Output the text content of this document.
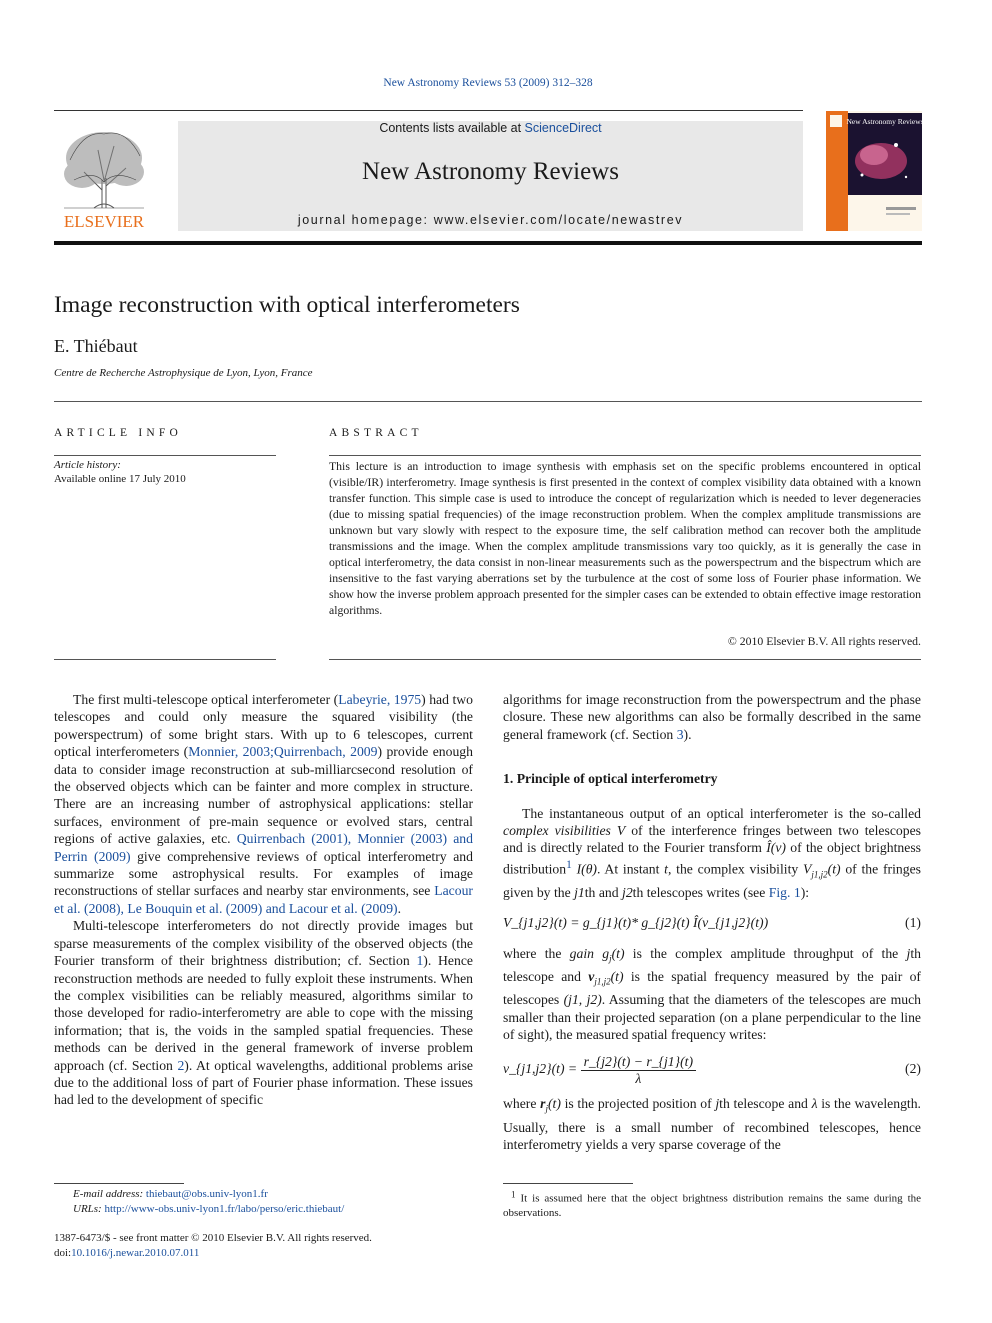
New Astronomy Reviews 53 (2009) 312–328
ELSEVIER
Contents lists available at ScienceDirect
New Astronomy Reviews
journal homepage: www.elsevier.com/locate/newastrev
New Astronomy Reviews
Image reconstruction with optical interferometers
E. Thiébaut
Centre de Recherche Astrophysique de Lyon, Lyon, France
ARTICLE INFO
Article history:
Available online 17 July 2010
ABSTRACT
This lecture is an introduction to image synthesis with emphasis set on the specific problems encountered in optical (visible/IR) interferometry. Image synthesis is first presented in the context of complex visibility data obtained with a known transfer function. This simple case is used to introduce the concept of regularization which is needed to lever degeneracies (due to missing spatial frequencies) of the image reconstruction problem. When the complex amplitude transmissions are unknown but vary slowly with respect to the exposure time, the self calibration method can recover both the amplitude transmissions and the image. When the complex amplitude transmissions vary too quickly, as it is generally the case in optical interferometry, the data consist in non-linear measurements such as the powerspectrum and the bispectrum which are insensitive to the fast varying aberrations set by the turbulence at the cost of some loss of Fourier phase information. We show how the inverse problem approach presented for the simpler cases can be extended to obtain effective image restoration algorithms.
© 2010 Elsevier B.V. All rights reserved.

The first multi-telescope optical interferometer (Labeyrie, 1975) had two telescopes and could only measure the squared visibility (the powerspectrum) of some bright stars. With up to 6 telescopes, current optical interferometers (Monnier, 2003;Quirrenbach, 2009) provide enough data to consider image reconstruction at sub-milliarcsecond resolution of the observed objects which can be fainter and more complex in structure. There are an increasing number of astrophysical applications: stellar surfaces, environment of pre-main sequence or evolved stars, central regions of active galaxies, etc. Quirrenbach (2001), Monnier (2003) and Perrin (2009) give comprehensive reviews of optical interferometry and summarize some astrophysical results. For examples of image reconstructions of stellar surfaces and nearby star environments, see Lacour et al. (2008), Le Bouquin et al. (2009) and Lacour et al. (2009).

Multi-telescope interferometers do not directly provide images but sparse measurements of the complex visibility of the observed objects (the Fourier transform of their brightness distribution; cf. Section 1). Hence reconstruction methods are needed to fully exploit these instruments. When the complex visibilities can be reliably measured, algorithms similar to those developed for radio-interferometry are able to cope with the missing information; that is, the voids in the sampled spatial frequencies. These methods can be derived in the general framework of inverse problem approach (cf. Section 2). At optical wavelengths, additional problems arise due to the additional loss of part of Fourier phase information. These issues had led to the development of specific

algorithms for image reconstruction from the powerspectrum and the phase closure. These new algorithms can also be formally described in the same general framework (cf. Section 3).

1. Principle of optical interferometry

The instantaneous output of an optical interferometer is the so-called complex visibilities V of the interference fringes between two telescopes and is directly related to the Fourier transform Î(ν) of the object brightness distribution$^1$ I(θ). At instant t, the complex visibility $V_{j1,j2}(t)$ of the fringes given by the j1th and j2th telescopes writes (see Fig. 1):

V_{j1,j2}(t) = g_{j1}(t)* g_{j2}(t) Î(ν_{j1,j2}(t))	(1)

where the gain $g_j(t)$ is the complex amplitude throughput of the jth telescope and $\nu_{j1,j2}(t)$ is the spatial frequency measured by the pair of telescopes (j1, j2). Assuming that the diameters of the telescopes are much smaller than their projected separation (on a plane perpendicular to the line of sight), the measured spatial frequency writes:

ν_{j1,j2}(t) = $\frac{r\_\{j2\}(t) - r\_\{j1\}(t)}{\lambda}$	(2)

where $r_j(t)$ is the projected position of jth telescope and λ is the wavelength. Usually, there is a small number of recombined telescopes, hence interferometry yields a very sparse coverage of the

E-mail address: thiebaut@obs.univ-lyon1.fr
URLs: http://www-obs.univ-lyon1.fr/labo/perso/eric.thiebaut/
$^1$ It is assumed here that the object brightness distribution remains the same during the observations.
1387-6473/$ - see front matter © 2010 Elsevier B.V. All rights reserved.
doi:10.1016/j.newar.2010.07.011
